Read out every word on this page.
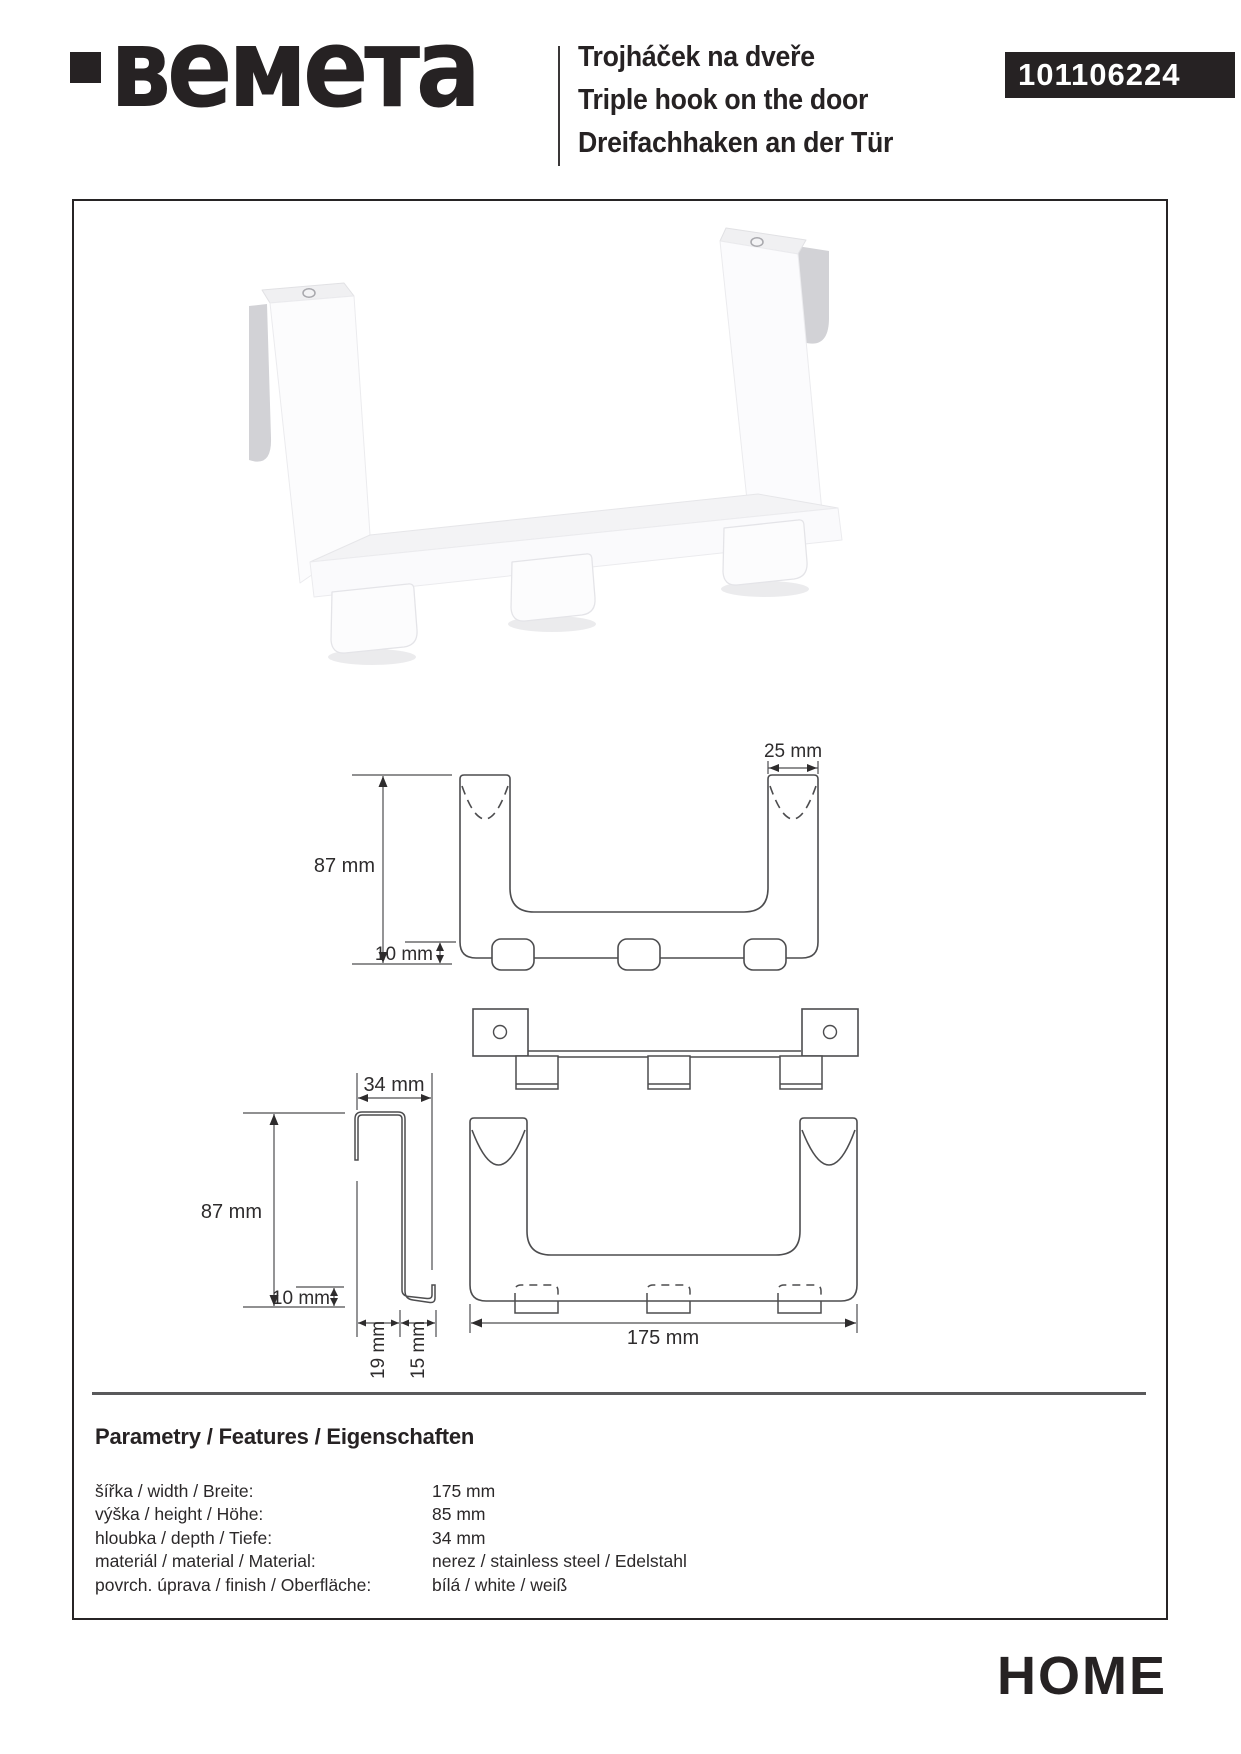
вемета	Trojháček na dveře
Triple hook on the door
Dreifachhaken an der Tür
101106224
87 mm
10 mm
25 mm
34 mm
87 mm
10 mm
19 mm 15 mm	175 mm
Parametry / Features / Eigenschaften
šířka / width / Breite:	175 mm
výška / height / Höhe:	85 mm
hloubka / depth / Tiefe:	34 mm
materiál / material / Material:	nerez / stainless steel / Edelstahl
povrch. úprava / finish / Oberfläche:	bílá / white / weiß
HOME
